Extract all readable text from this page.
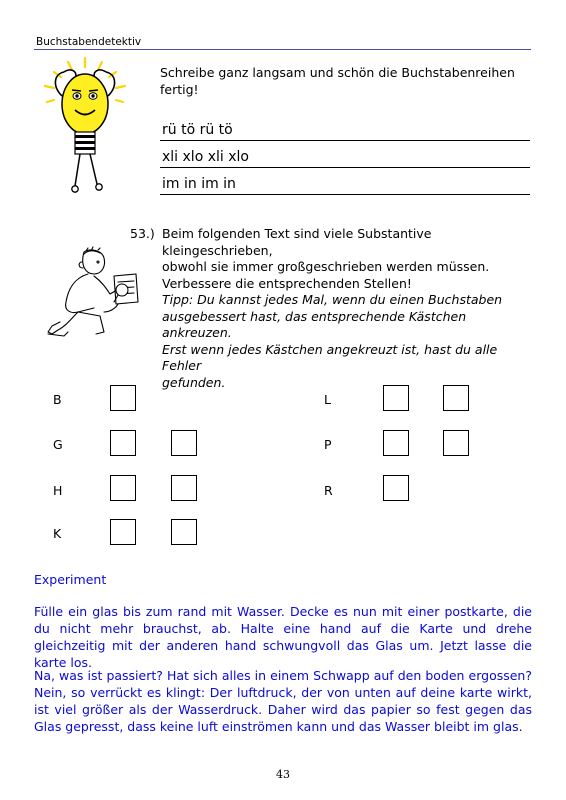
Buchstabendetektiv
Schreibe ganz langsam und schön die Buchstabenreihen fertig!
rü tö rü tö
xli xlo xli xlo
im in im in
53.) Beim folgenden Text sind viele Substantive kleingeschrieben,
obwohl sie immer großgeschrieben werden müssen.
Verbessere die entsprechenden Stellen!
Tipp: Du kannst jedes Mal, wenn du einen Buchstaben
ausgebessert hast, das entsprechende Kästchen ankreuzen.
Erst wenn jedes Kästchen angekreuzt ist, hast du alle Fehler
gefunden.
B
G
H
K
L
P
R
Experiment
Fülle ein glas bis zum rand mit Wasser. Decke es nun mit einer postkarte, die du nicht mehr brauchst, ab. Halte eine hand auf die Karte und drehe gleichzeitig mit der anderen hand schwungvoll das Glas um. Jetzt lasse die karte los.
Na, was ist passiert? Hat sich alles in einem Schwapp auf den boden ergossen? Nein, so verrückt es klingt: Der luftdruck, der von unten auf deine karte wirkt, ist viel größer als der Wasserdruck. Daher wird das papier so fest gegen das Glas gepresst, dass keine luft einströmen kann und das Wasser bleibt im glas.
43
